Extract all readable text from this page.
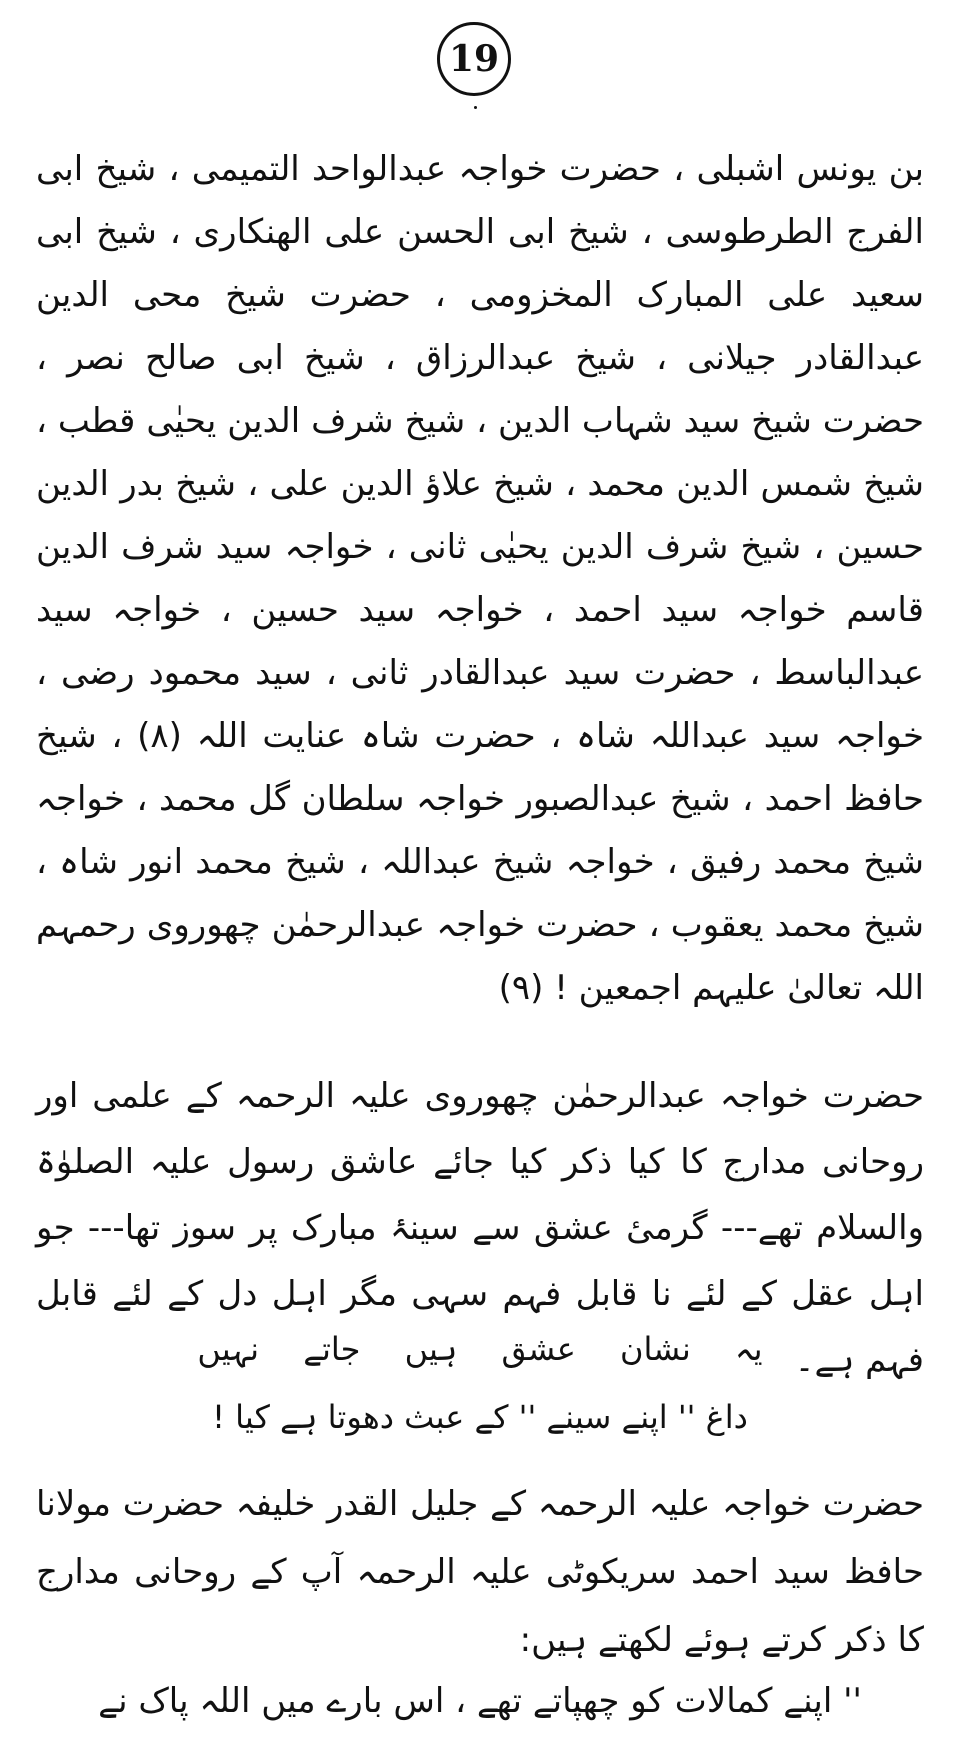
19

بن یونس اشبلی ، حضرت خواجہ عبدالواحد التمیمی ، شیخ ابی الفرج الطرطوسی ، شیخ ابی الحسن علی الھنکاری ، شیخ ابی سعید علی المبارک المخزومی ، حضرت شیخ محی الدین عبدالقادر جیلانی ، شیخ عبدالرزاق ، شیخ ابی صالح نصر ، حضرت شیخ سید شہاب الدین ، شیخ شرف الدین یحیٰی قطب ، شیخ شمس الدین محمد ، شیخ علاؤ الدین علی ، شیخ بدر الدین حسین ، شیخ شرف الدین یحیٰی ثانی ، خواجہ سید شرف الدین قاسم خواجہ سید احمد ، خواجہ سید حسین ، خواجہ سید عبدالباسط ، حضرت سید عبدالقادر ثانی ، سید محمود رضی ، خواجہ سید عبداللہ شاہ ، حضرت شاہ عنایت اللہ (۸) ، شیخ حافظ احمد ، شیخ عبدالصبور خواجہ سلطان گل محمد ، خواجہ شیخ محمد رفیق ، خواجہ شیخ عبداللہ ، شیخ محمد انور شاہ ، شیخ محمد یعقوب ، حضرت خواجہ عبدالرحمٰن چھوروی رحمہم اللہ تعالیٰ علیہم اجمعین ! (۹)

حضرت خواجہ عبدالرحمٰن چھوروی علیہ الرحمہ کے علمی اور روحانی مدارج کا کیا ذکر کیا جائے عاشق رسول علیہ الصلوٰۃ والسلام تھے--- گرمیٔ عشق سے سینۂ مبارک پر سوز تھا--- جو اہل عقل کے لئے نا قابل فہم سہی مگر اہل دل کے لئے قابل فہم ہے۔

یہ نشان عشق ہیں جاتے نہیں
داغ '' اپنے سینے '' کے عبث دھوتا ہے کیا !

حضرت خواجہ علیہ الرحمہ کے جلیل القدر خلیفہ حضرت مولانا حافظ سید احمد سریکوٹی علیہ الرحمہ آپ کے روحانی مدارج کا ذکر کرتے ہوئے لکھتے ہیں:

'' اپنے کمالات کو چھپاتے تھے ، اس بارے میں اللہ پاک نے
